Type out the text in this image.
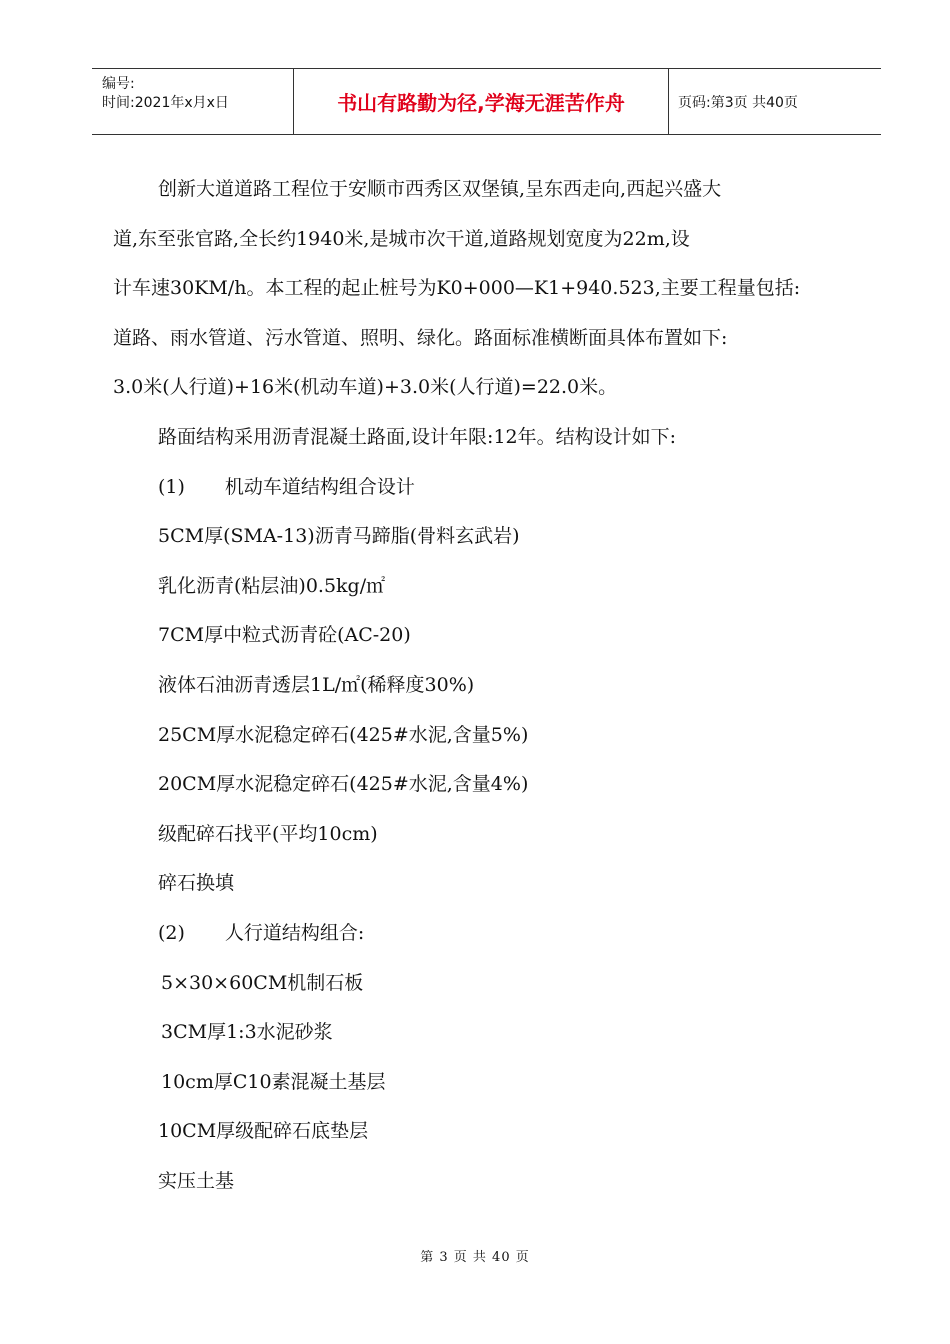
编号:
时间:2021年x月x日	书山有路勤为径,学海无涯苦作舟	页码:第3页 共40页
创新大道道路工程位于安顺市西秀区双堡镇,呈东西走向,西起兴盛大
道,东至张官路,全长约1940米,是城市次干道,道路规划宽度为22m,设
计车速30KM/h。本工程的起止桩号为K0+000—K1+940.523,主要工程量包括:
道路、雨水管道、污水管道、照明、绿化。路面标准横断面具体布置如下:
3.0米(人行道)+16米(机动车道)+3.0米(人行道)=22.0米。
路面结构采用沥青混凝土路面,设计年限:12年。结构设计如下:
(1) 机动车道结构组合设计
5CM厚(SMA-13)沥青马蹄脂(骨料玄武岩)
乳化沥青(粘层油)0.5kg/㎡
7CM厚中粒式沥青砼(AC-20)
液体石油沥青透层1L/㎡(稀释度30%)
25CM厚水泥稳定碎石(425#水泥,含量5%)
20CM厚水泥稳定碎石(425#水泥,含量4%)
级配碎石找平(平均10cm)
碎石换填
(2) 人行道结构组合:
5×30×60CM机制石板
3CM厚1:3水泥砂浆
10cm厚C10素混凝土基层
10CM厚级配碎石底垫层
实压土基
第 3 页 共 40 页
